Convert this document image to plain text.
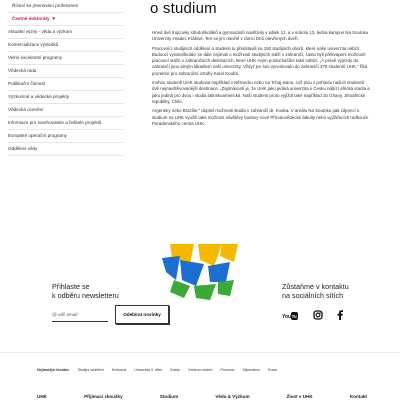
Řízení ke jmenování profesorem
Čestné doktoráty ▾
Aktuální výzvy - věda a výzkum
Komercializace výsledků
Velmi excelentní programy
Vědecká rada
Publikační činnost
Výzkumné a vědecké projekty
Vědecká ocenění
Informace pro navrhovatele a řešitele projektů
Evropské operační programy
Odděleni vědy

o studium

Hned dvě trojcovky středoškoláků a gymnazistů navštívily v pátek 12. a v sobotu 13. ledna kampus Na Soutoku Univerzity Hradec Králové. Ten se jim otevřel v rámci Dnů otevřených dveří.

Pracovníci studijních oddělení a studenti tu představili na 150 studijních oborů, které naše univerzita nabízí. Budoucí vysokoškoláci se dále zajímali o možnosti studijních stáží v zahraničí, často byli překvapeni možností pracovní stáže v zahraničních destinacích, které UHK svým posluchačům také nabízí. „A právě výjezdy do zahraničí jsou silným lákadlem naší univerzity. Vždyť jen loni vycestovalo do zahraničí 379 studentů UHK," říká prorektor pro zahraniční vztahy Karel Kouba.

mohou studenti UHK studovat například v Německu nebo na Tchaj-wanu, což jsou z pohledu našich studentů dvě nejnavštěvovanější destinace. „Zajímavostí je, že UHK jako jediná univerzita v Česku nabízí africká studia a jako jediná pro dvou i studia latinskoamerická. Naši studenti proto vyjíždí také například do Ghany, Jihoafrické republiky, Chile.

Argentiny nebo Brazílie," doplnil možnosti studia v zahraničí dr. Kouba. V areálu Na Soutoku pak zájemci o studium na UHK využili také možnost návštěvy budovy nové Přírodovědecké fakulty nebo vyjížďecích radkouče Poradenského centra UHK.

Přihlaste se
k odběru newsletteru
@ váš email	Odebírat novinky
Zůstaňme v kontaktu
na sociálních sítích
You Tu
Nejčastější hledáte: Studijní oddělení Knihovna Univerzita 3. věku Koleje Centrum služeb Promoce Stipendium Praxe
UHK	Přijímací zkoušky	Studium	Věda & Výzkum	Život v UHK	Kontakt
